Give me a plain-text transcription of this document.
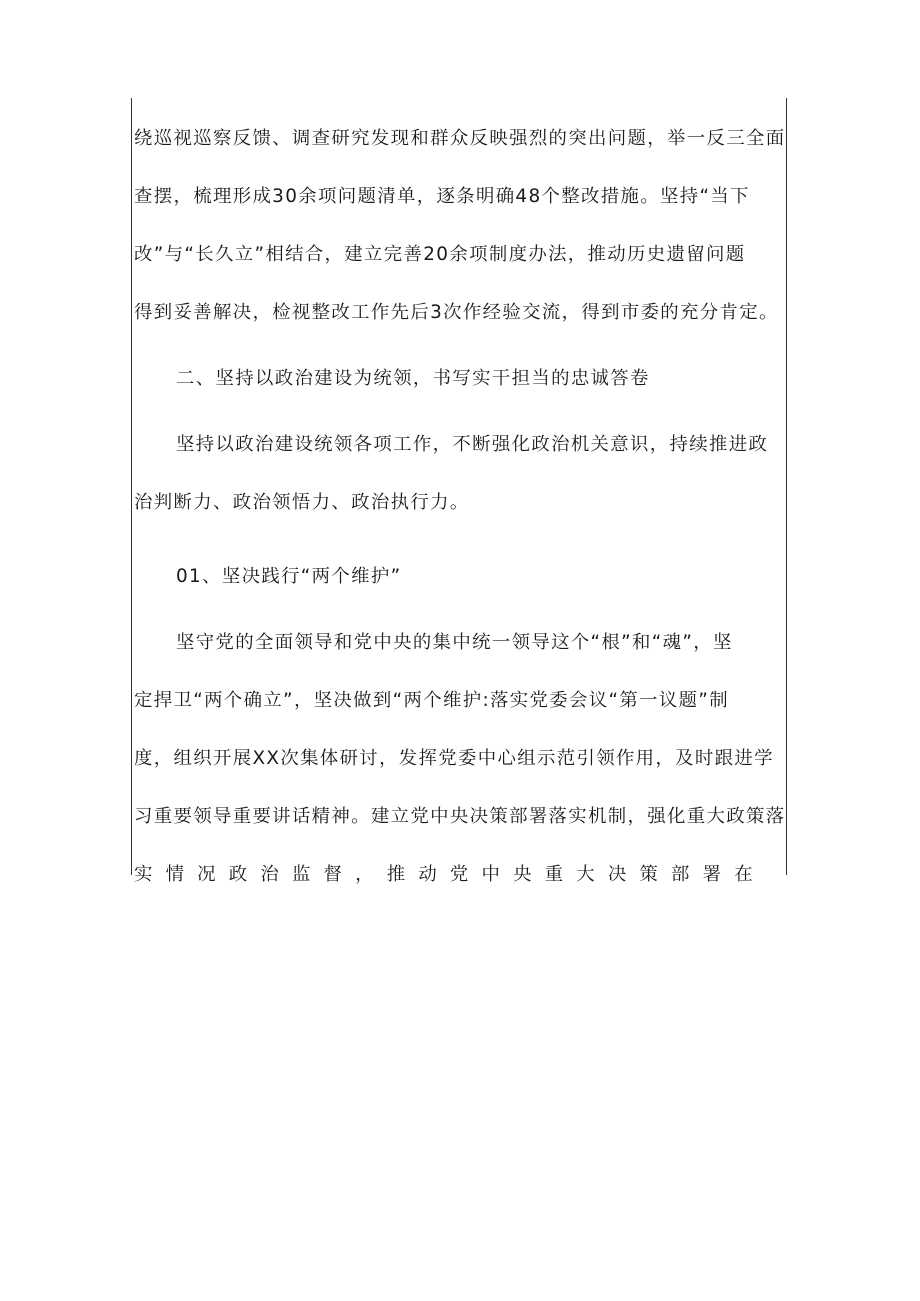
绕巡视巡察反馈、调查研究发现和群众反映强烈的突出问题，举一反三全面

查摆，梳理形成30余项问题清单，逐条明确48个整改措施。坚持“当下

改”与“长久立”相结合，建立完善20余项制度办法，推动历史遗留问题

得到妥善解决，检视整改工作先后3次作经验交流，得到市委的充分肯定。

二、坚持以政治建设为统领，书写实干担当的忠诚答卷

坚持以政治建设统领各项工作，不断强化政治机关意识，持续推进政

治判断力、政治领悟力、政治执行力。

01、坚决践行“两个维护”

坚守党的全面领导和党中央的集中统一领导这个“根”和“魂”，坚

定捍卫“两个确立”，坚决做到“两个维护:落实党委会议“第一议题”制

度，组织开展XX次集体研讨，发挥党委中心组示范引领作用，及时跟进学

习重要领导重要讲话精神。建立党中央决策部署落实机制，强化重大政策落

实情况政治监督，推动党中央重大决策部署在
